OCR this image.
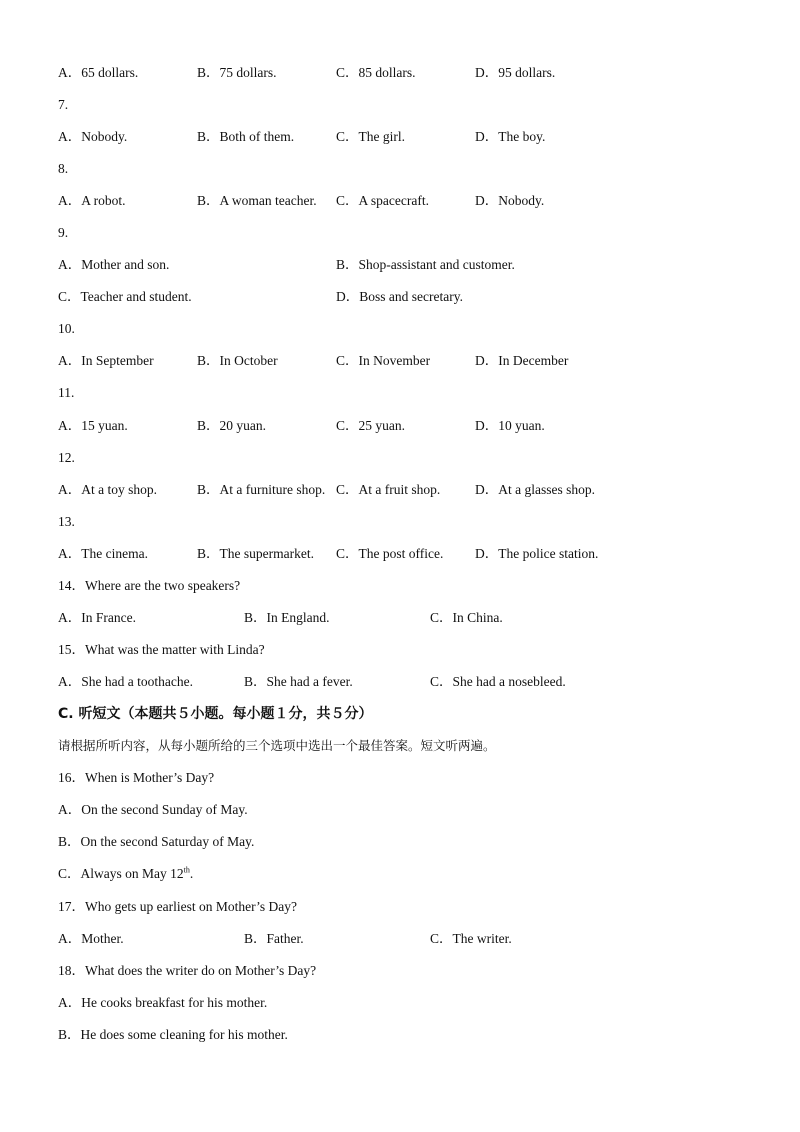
A．65 dollars.	B．75 dollars.	C．85 dollars.	D．95 dollars.
7.
A．Nobody.	B．Both of them.	C．The girl.	D．The boy.
8.
A．A robot.	B．A woman teacher. C．A spacecraft.	D．Nobody.
9.
A．Mother and son.	B．Shop-assistant and customer.
C．Teacher and student.	D．Boss and secretary.
10.
A．In September	B．In October	C．In November	D．In December
11.
A．15 yuan.	B．20 yuan.	C．25 yuan.	D．10 yuan.
12.
A．At a toy shop.	B．At a furniture shop. C．At a fruit shop.	D．At a glasses shop.
13.
A．The cinema.	B．The supermarket. C．The post office. D．The police station.
14．Where are the two speakers?
A．In France.	B．In England.	C．In China.
15．What was the matter with Linda?
A．She had a toothache.	B．She had a fever.	C．She had a nosebleed.
C. 听短文（本题共５小题。每小题１分，共５分）
请根据所听内容，从每小题所给的三个选项中选出一个最佳答案。短文听两遍。
16．When is Mother’s Day?
A．On the second Sunday of May.
B．On the second Saturday of May.
C．Always on May 12th.
17．Who gets up earliest on Mother’s Day?
A．Mother.	B．Father.	C．The writer.
18．What does the writer do on Mother’s Day?
A．He cooks breakfast for his mother.
B．He does some cleaning for his mother.
